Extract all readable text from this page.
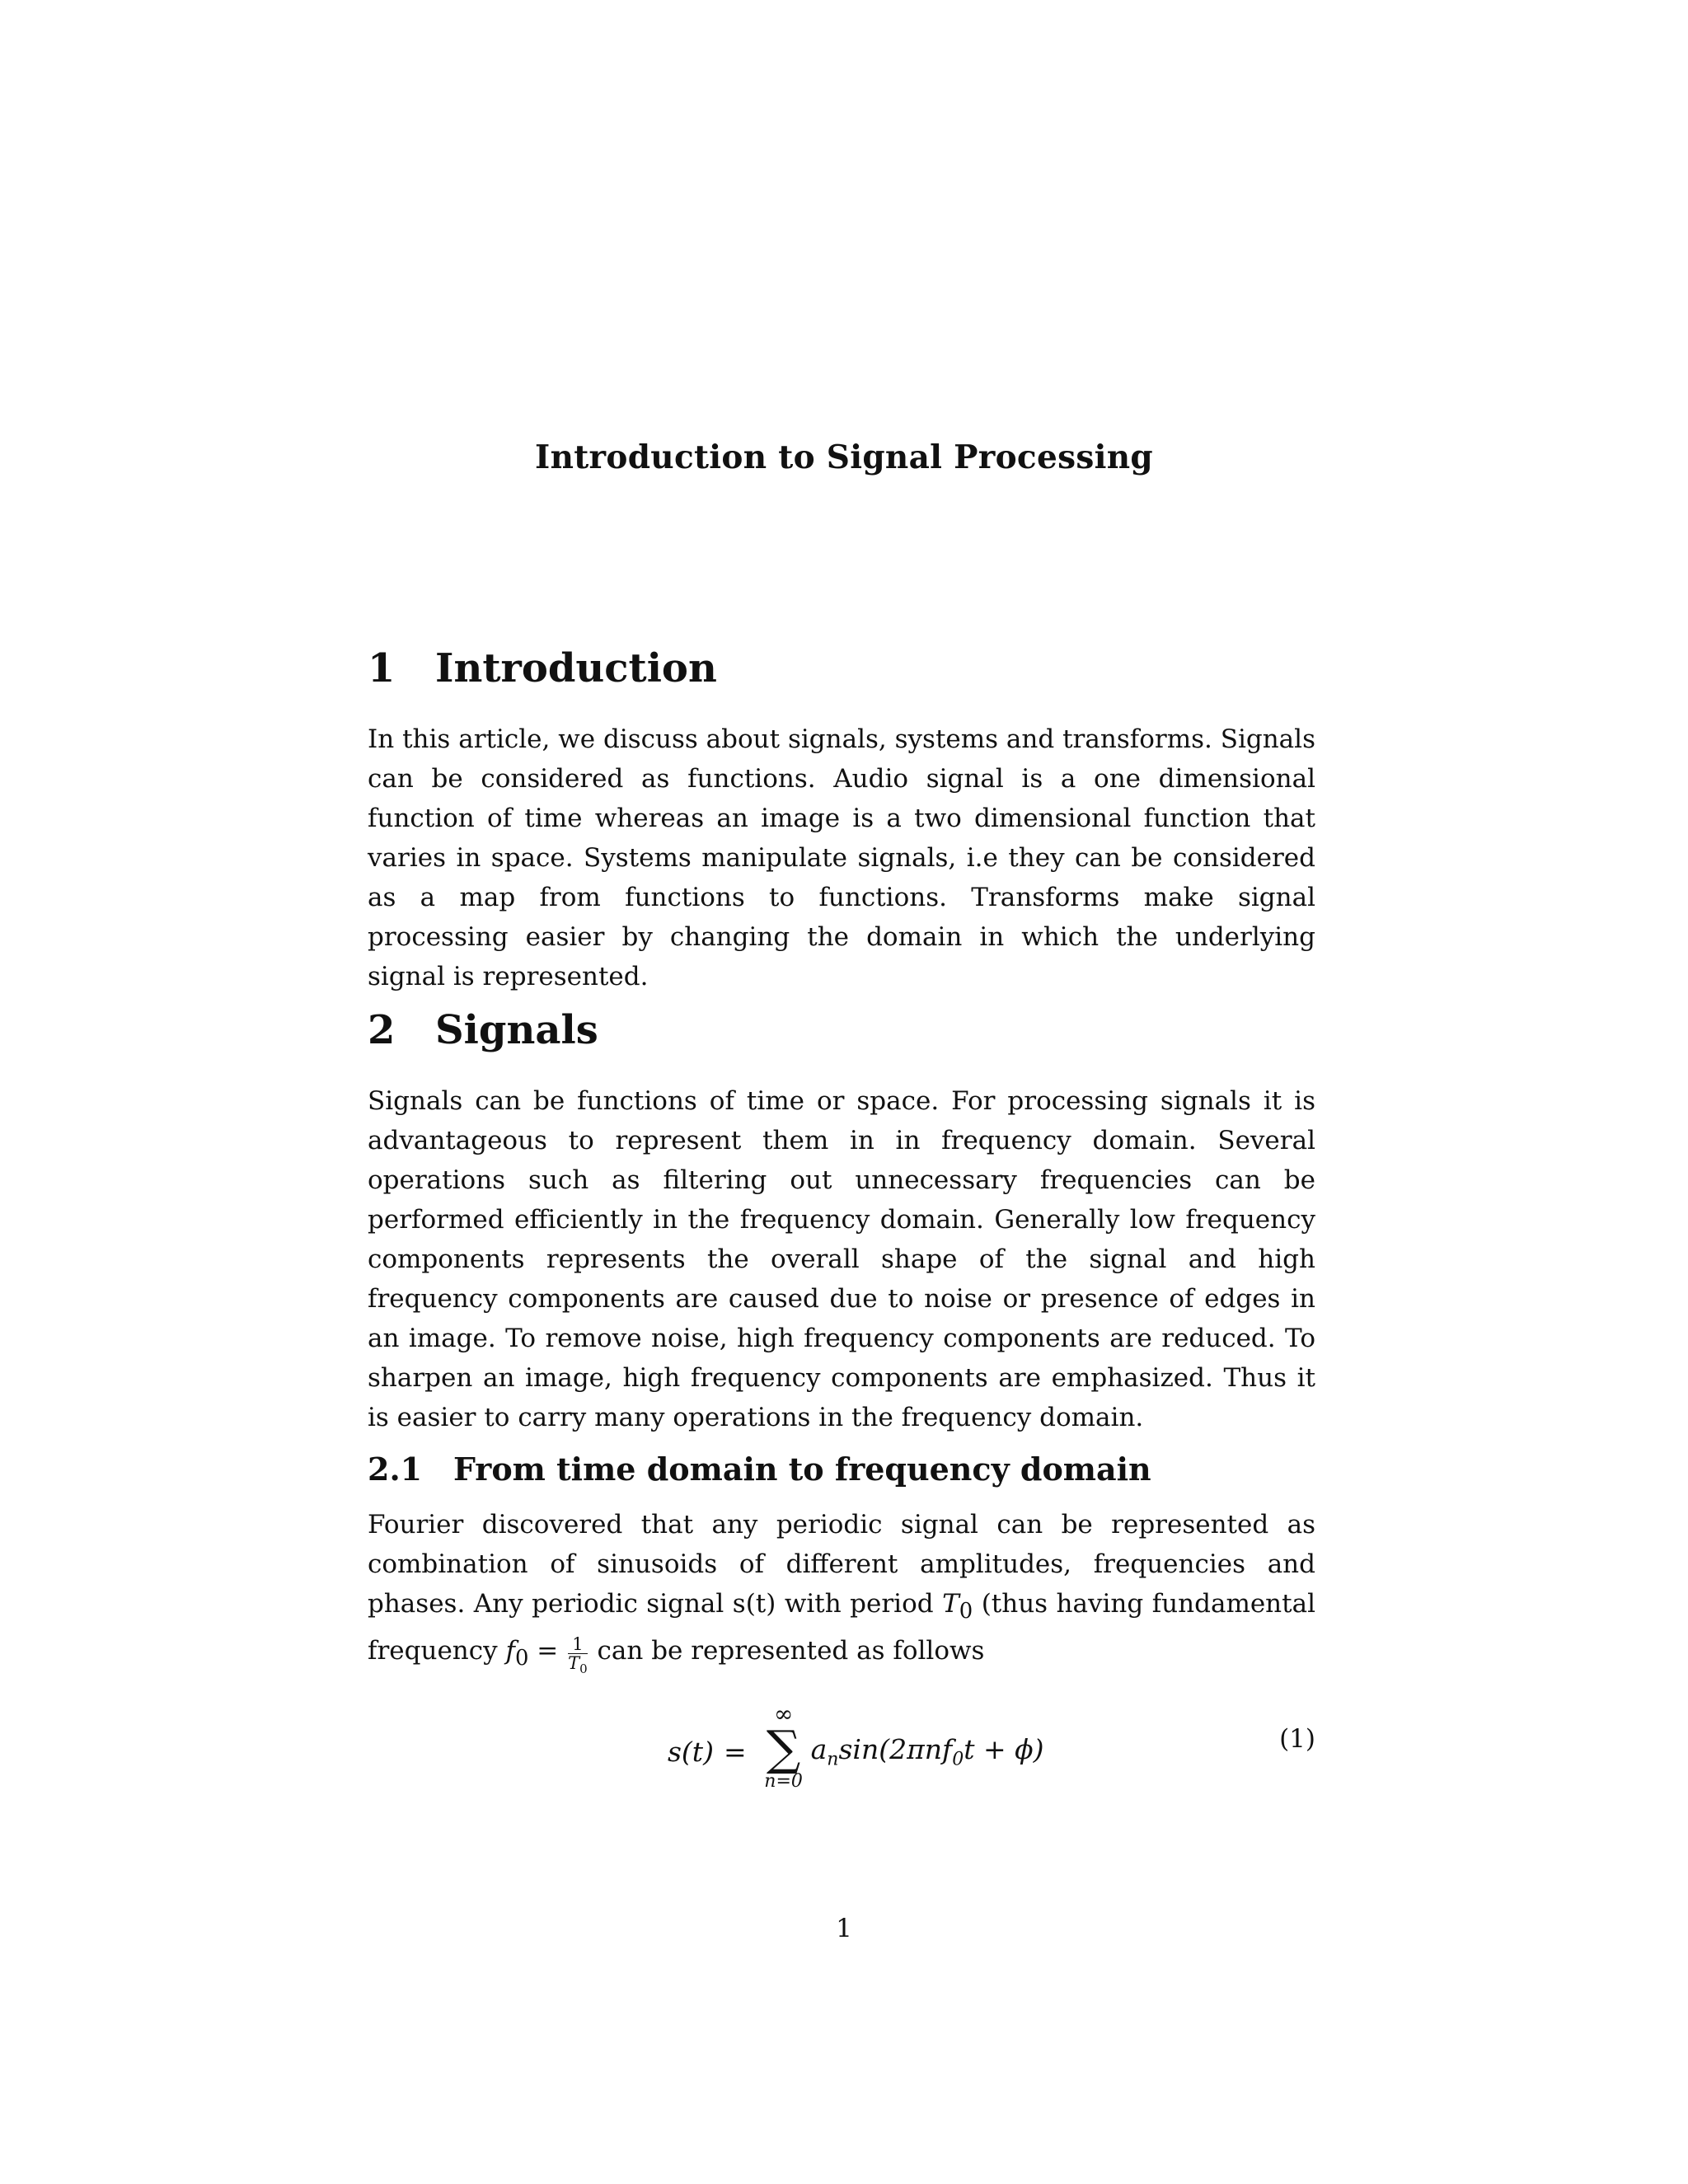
Introduction to Signal Processing
1 Introduction
In this article, we discuss about signals, systems and transforms. Signals can be considered as functions. Audio signal is a one dimensional function of time whereas an image is a two dimensional function that varies in space. Systems manipulate signals, i.e they can be considered as a map from functions to functions. Transforms make signal processing easier by changing the domain in which the underlying signal is represented.
2 Signals
Signals can be functions of time or space. For processing signals it is advantageous to represent them in in frequency domain. Several operations such as filtering out unnecessary frequencies can be performed efficiently in the frequency domain. Generally low frequency components represents the overall shape of the signal and high frequency components are caused due to noise or presence of edges in an image. To remove noise, high frequency components are reduced. To sharpen an image, high frequency components are emphasized. Thus it is easier to carry many operations in the frequency domain.
2.1 From time domain to frequency domain
Fourier discovered that any periodic signal can be represented as combination of sinusoids of different amplitudes, frequencies and phases. Any periodic signal s(t) with period $T_0$ (thus having fundamental frequency $f_0 = \frac{1}{T_0}$ can be represented as follows
s(t) =
∞
∑
n=0
$a_n\sin(2\pi nf_0t + \phi)$	(1)
1
